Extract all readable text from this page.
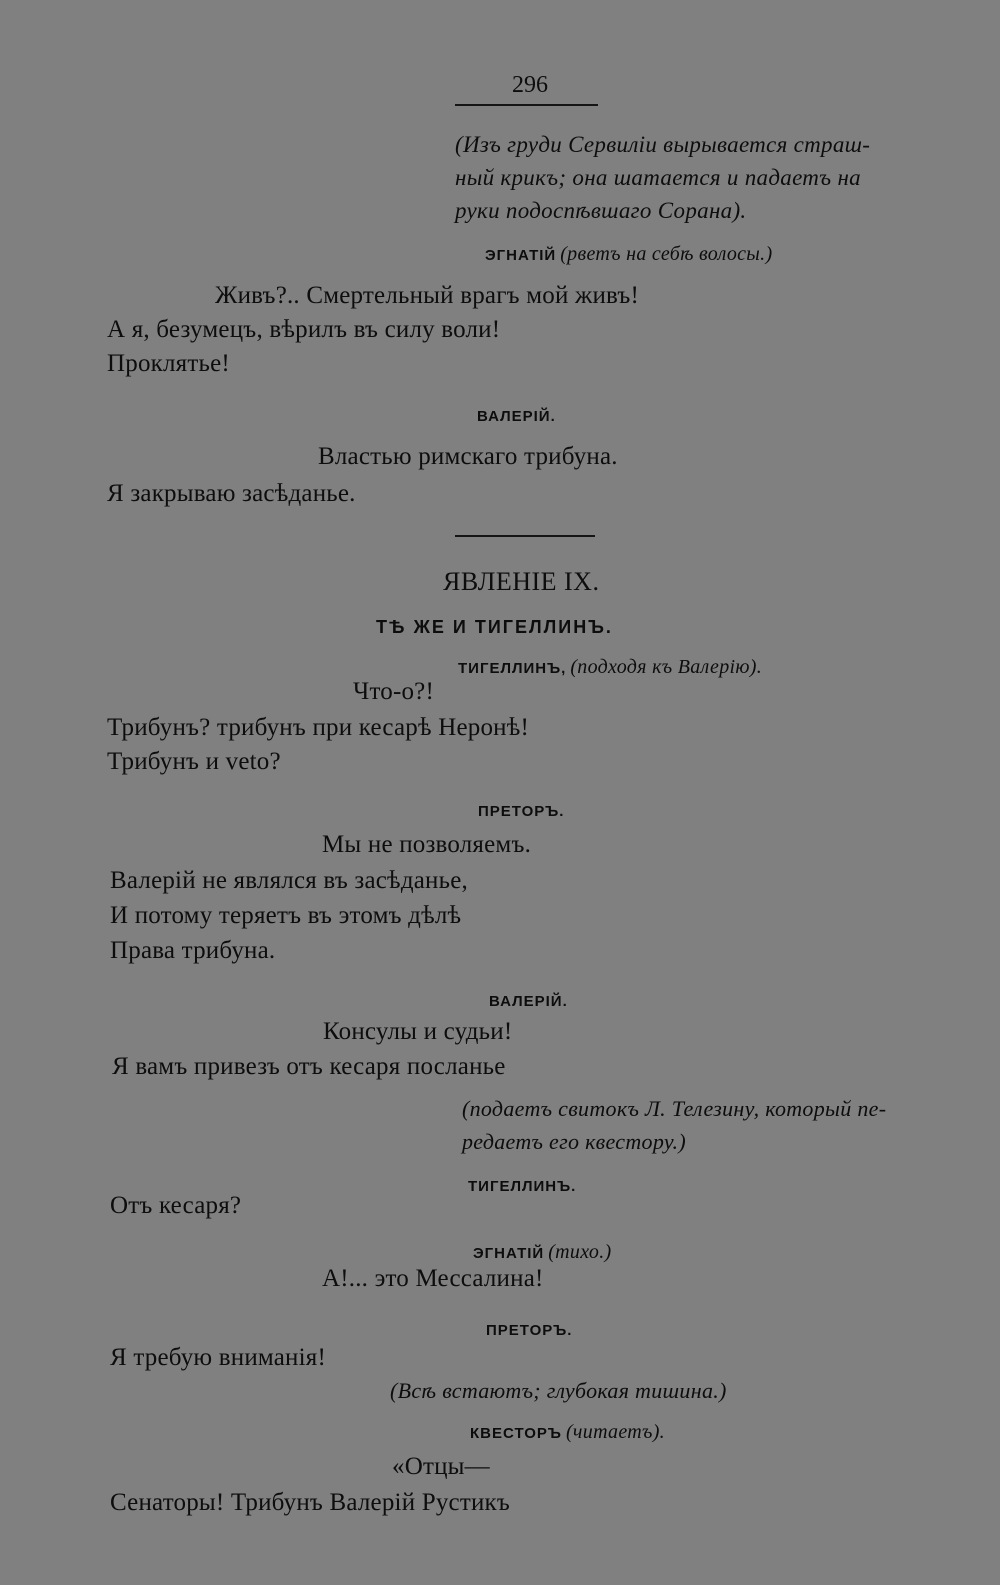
296
(Изъ груди Сервиліи вырывается страш-
ный крикъ; она шатается и падаетъ на
руки подоспѣвшаго Сорана).
ЭГНАТІЙ (рветъ на себѣ волосы.)
Живъ?.. Смертельный врагъ мой живъ!
А я, безумецъ, вѣрилъ въ силу воли!
Проклятье!
ВАЛЕРІЙ.
Властью римскаго трибуна.
Я закрываю засѣданье.
ЯВЛЕНІЕ IX.
ТѢ ЖЕ И ТИГЕЛЛИНЪ.
ТИГЕЛЛИНЪ, (подходя къ Валерію).
Что-о?!
Трибунъ? трибунъ при кесарѣ Неронѣ!
Трибунъ и veto?
ПРЕТОРЪ.
Мы не позволяемъ.
Валерій не являлся въ засѣданье,
И потому теряетъ въ этомъ дѣлѣ
Права трибуна.
ВАЛЕРІЙ.
Консулы и судьи!
Я вамъ привезъ отъ кесаря посланье
(подаетъ свитокъ Л. Телезину, который пе-
редаетъ его квестору.)
ТИГЕЛЛИНЪ.
Отъ кесаря?
ЭГНАТІЙ (тихо.)
А!... это Мессалина!
ПРЕТОРЪ.
Я требую вниманія!
(Всѣ встаютъ; глубокая тишина.)
КВЕСТОРЪ (читаетъ).
«Отцы—
Сенаторы! Трибунъ Валерій Рустикъ
